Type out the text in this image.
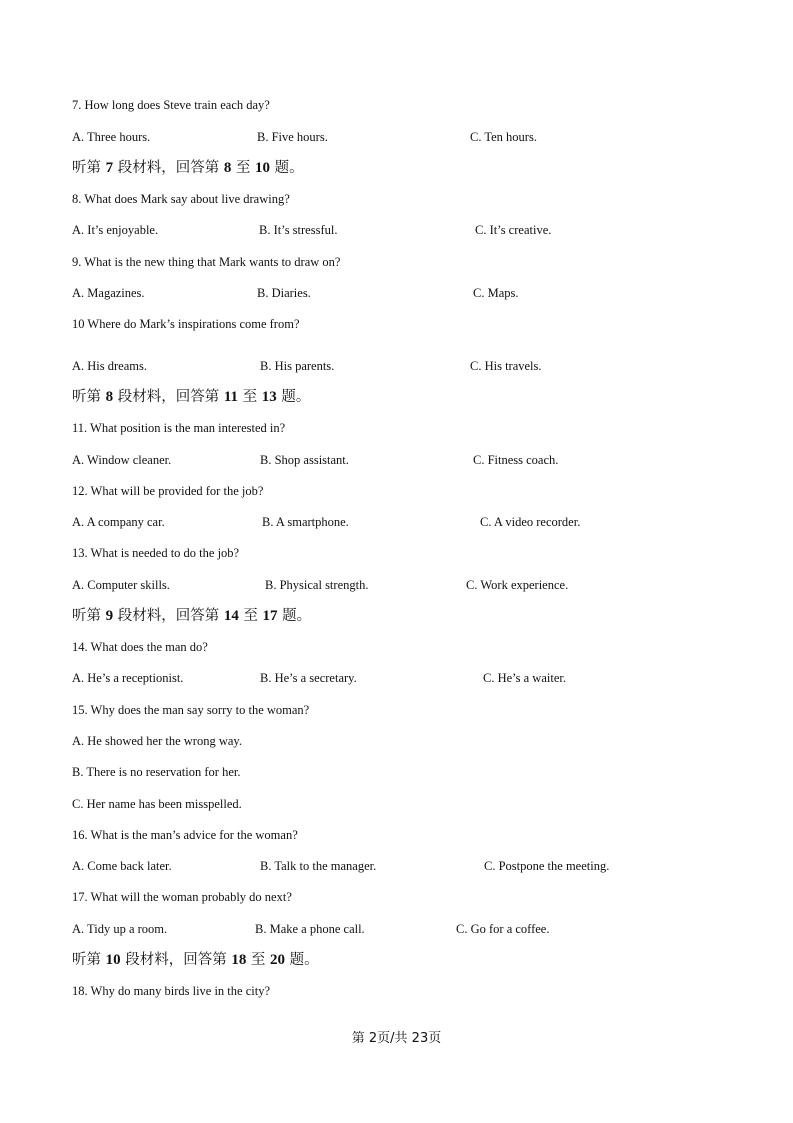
7. How long does Steve train each day?
A. Three hours.	B. Five hours.	C. Ten hours.
听第 7 段材料，回答第 8 至 10 题。
8. What does Mark say about live drawing?
A. It’s enjoyable.	B. It’s stressful.	C. It’s creative.
9. What is the new thing that Mark wants to draw on?
A. Magazines.	B. Diaries.	C. Maps.
10 Where do Mark’s inspirations come from?
A. His dreams.	B. His parents.	C. His travels.
听第 8 段材料，回答第 11 至 13 题。
11. What position is the man interested in?
A. Window cleaner.	B. Shop assistant.	C. Fitness coach.
12. What will be provided for the job?
A. A company car.	B. A smartphone.	C. A video recorder.
13. What is needed to do the job?
A. Computer skills.	B. Physical strength.	C. Work experience.
听第 9 段材料，回答第 14 至 17 题。
14. What does the man do?
A. He’s a receptionist.	B. He’s a secretary.	C. He’s a waiter.
15. Why does the man say sorry to the woman?
A. He showed her the wrong way.
B. There is no reservation for her.
C. Her name has been misspelled.
16. What is the man’s advice for the woman?
A. Come back later.	B. Talk to the manager.	C. Postpone the meeting.
17. What will the woman probably do next?
A. Tidy up a room.	B. Make a phone call.	C. Go for a coffee.
听第 10 段材料，回答第 18 至 20 题。
18. Why do many birds live in the city?
第 2页/共 23页
